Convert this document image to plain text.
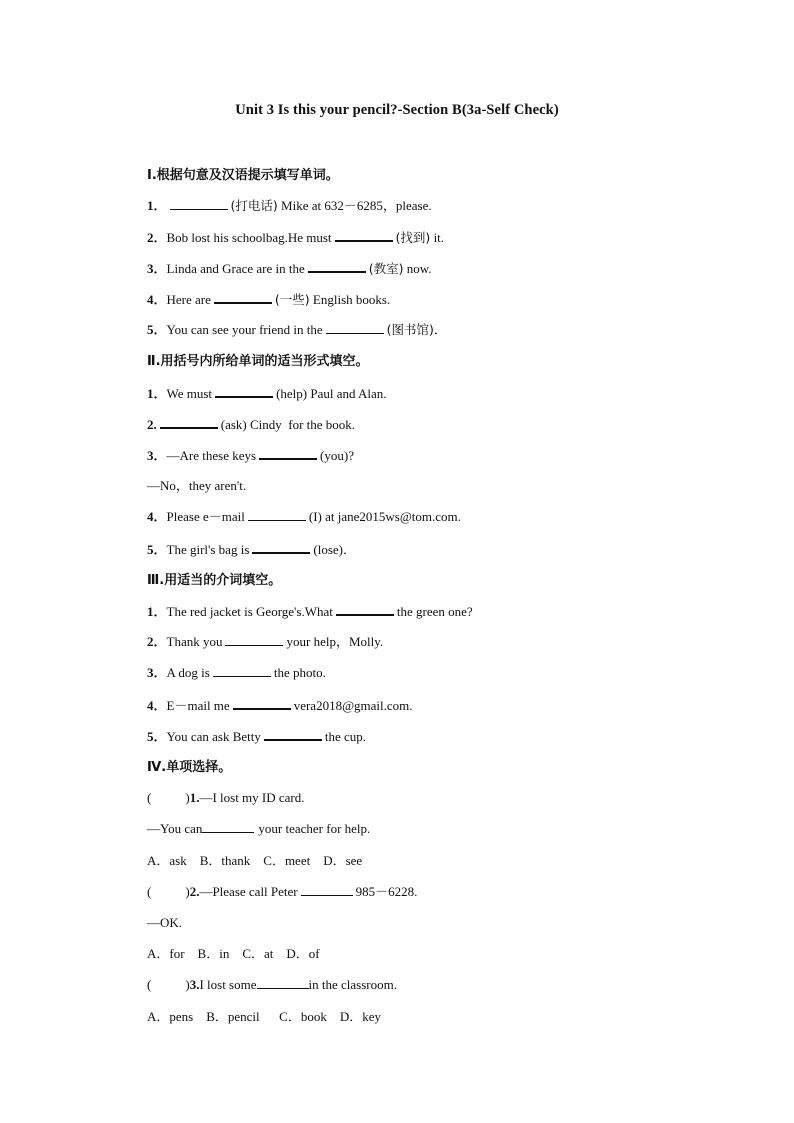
Unit 3 Is this your pencil?-Section B(3a-Self Check)
Ⅰ.根据句意及汉语提示填写单词。
1．	(打电话) Mike at 632－6285，please.
2．Bob lost his schoolbag.He must	(找到) it.
3．Linda and Grace are in the	(教室) now.
4．Here are	(一些) English books.
5．You can see your friend in the	(图书馆)．
Ⅱ.用括号内所给单词的适当形式填空。
1．We must	(help) Paul and Alan.
2.	(ask) Cindy  for the book.
3．—Are these keys	(you)?
—No，they aren't.
4．Please e－mail	(I) at jane2015ws@tom.com.
5．The girl's bag is	(lose)．
Ⅲ.用适当的介词填空。
1．The red jacket is George's.What	the green one?
2．Thank you	your help，Molly.
3．A dog is	the photo.
4．E－mail me	vera2018@gmail.com.
5．You can ask Betty	the cup.
Ⅳ.单项选择。
(	)1.—I lost my ID card.
—You can	your teacher for help.
A．ask    B．thank    C．meet    D．see
(	)2.—Please call Peter	985－6228.
—OK.
A．for    B．in    C．at    D．of
(	)3.I lost some	in the classroom.
A．pens    B．pencil      C．book    D．key
